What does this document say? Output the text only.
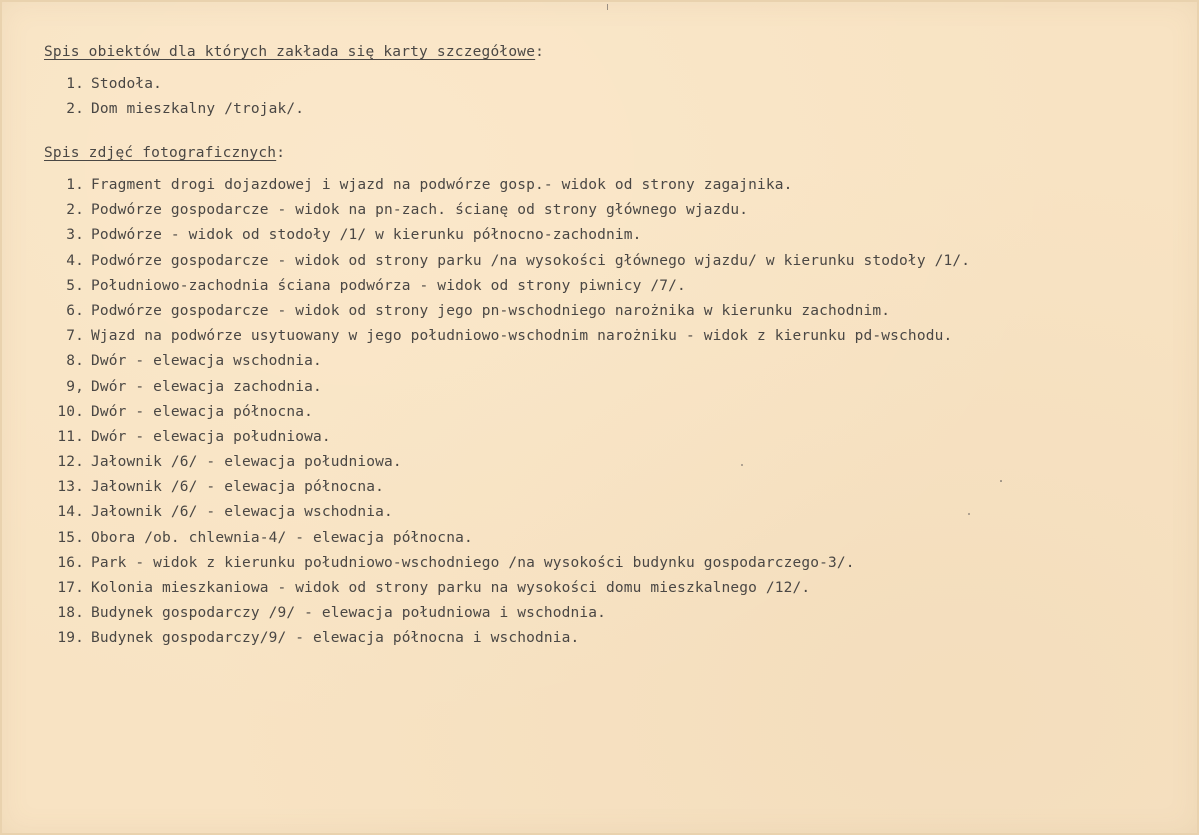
Spis obiektów dla których zakłada się karty szczegółowe:
1. Stodoła.
2. Dom mieszkalny /trojak/.
Spis zdjęć fotograficznych:
1. Fragment drogi dojazdowej i wjazd na podwórze gosp.- widok od strony zagajnika.
2. Podwórze gospodarcze - widok na pn-zach. ścianę od strony głównego wjazdu.
3. Podwórze - widok od stodoły /1/ w kierunku północno-zachodnim.
4. Podwórze gospodarcze - widok od strony parku /na wysokości głównego wjazdu/ w kierunku stodoły /1/.
5. Południowo-zachodnia ściana podwórza - widok od strony piwnicy /7/.
6. Podwórze gospodarcze - widok od strony jego pn-wschodniego narożnika w kierunku zachodnim.
7. Wjazd na podwórze usytuowany w jego południowo-wschodnim narożniku - widok z kierunku pd-wschodu.
8. Dwór - elewacja wschodnia.
9, Dwór - elewacja zachodnia.
10. Dwór - elewacja północna.
11. Dwór - elewacja południowa.
12. Jałownik /6/ - elewacja południowa.
13. Jałownik /6/ - elewacja północna.
14. Jałownik /6/ - elewacja wschodnia.
15. Obora /ob. chlewnia-4/ - elewacja północna.
16. Park - widok z kierunku południowo-wschodniego /na wysokości budynku gospodarczego-3/.
17. Kolonia mieszkaniowa - widok od strony parku na wysokości domu mieszkalnego /12/.
18. Budynek gospodarczy /9/ - elewacja południowa i wschodnia.
19. Budynek gospodarczy/9/ - elewacja północna i wschodnia.
